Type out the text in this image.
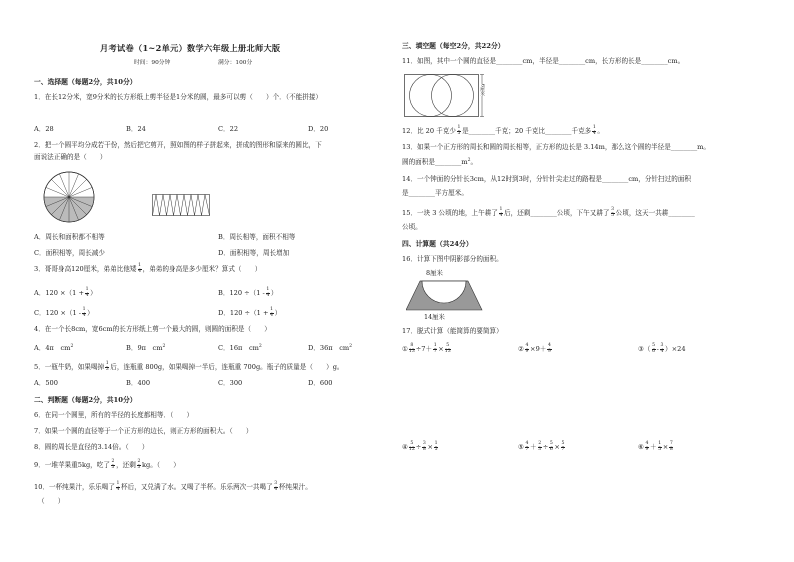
月考试卷（1~2单元）数学六年级上册北师大版
时间：90分钟	满分：100分
一、选择题（每题2分，共10分）
1．在长12分米，宽9分米的长方形纸上剪半径是1分米的圆，最多可以剪（　　）个．（不能拼接）
A．28	B．24	C．22	D．20
2．把一个圆平均分成若干份，然后把它剪开，照如图的样子拼起来，拼成的图形和原来的圆比，下
面说法正确的是（　　）
A．周长和面积都不相等	B．周长相等，面积不相等
C．面积相等，周长减少	D．面积相等，周长增加
3．哥哥身高120厘米，弟弟比他矮 $\frac{1}{4}$ ，弟弟的身高是多少厘米？算式（　　）
A．$120 \times(1 + \frac{1}{4}$ ）	B．$120 \div(1 - \frac{1}{4}$ ）
C．$120 \times(1 - \frac{1}{4}$ ）	D．$120 \div(1 + \frac{1}{4}$ ）
4．在一个长8cm，宽6cm的长方形纸上剪一个最大的圆，则圆的面积是（　　）
A．4π　$cm^2$	B．9π　$cm^2$	C．16π　$cm^2$	D．36π　$cm^2$
5．一瓶牛奶，如果喝掉 $\frac{1}{3}$ 后，连瓶重 800g，如果喝掉一半后，连瓶重 700g。瓶子的质量是（　　）g。
A．500	B．400	C．300	D．600
二、判断题（每题2分，共10分）
6．在同一个圆里，所有的半径的长度都相等．（　　）
7．如果一个圆的直径等于一个正方形的边长，则正方形的面积大。（　　）
8．圆的周长是直径的3.14倍。（　　）
9．一堆苹果重5kg，吃了 $\frac{2}{3}$ ，还剩 $\frac{2}{3}$ kg。（　　）
10．一杯纯果汁，乐乐喝了 $\frac{1}{4}$ 杯后，又兑满了水。又喝了半杯。乐乐两次一共喝了 $\frac{3}{4}$ 杯纯果汁。
（　　）
三、填空题（每空2分，共22分）
11．如图，其中一个圆的直径是________cm，半径是________cm，长方形的长是________cm。
6厘米
12．比 20 千克少 $\frac{1}{5}$ 是________千克；20 千克比________千克多 $\frac{1}{4}$ 。
13．如果一个正方形的周长和圆的周长相等，正方形的边长是 3.14m，那么这个圆的半径是________m。
圆的面积是$\_\_\_\_\_\_\_\_m^2$。
14．一个钟面的分针长3cm，从12时到3时，分针针尖走过的路程是________cm，分针扫过的面积
是________平方厘米。
15．一块 3 公顷的地，上午耕了 $\frac{1}{4}$ 后，还剩________公顷，下午又耕了 $\frac{3}{5}$ 公顷，这天一共耕________
公顷。
四、计算题（共24分）
16．计算下图中阴影部分的面积。
8厘米
14厘米
17．脱式计算（能简算的要简算）
① $\frac{8}{13} \div 7+ \frac{1}{7} \times \frac{5}{13}$	② $\frac{4}{9} \times 9+ \frac{4}{9}$	③（ $\frac{5}{6} - \frac{3}{4} )\times 24$
④ $\frac{5}{12} \div \frac{3}{8} \times \frac{1}{5}$	⑤ $\frac{4}{7} + \frac{2}{3} \div \frac{5}{6} \times \frac{5}{7}$	⑥ $\frac{4}{9} + \frac{1}{5} \times \frac{7}{8}$
